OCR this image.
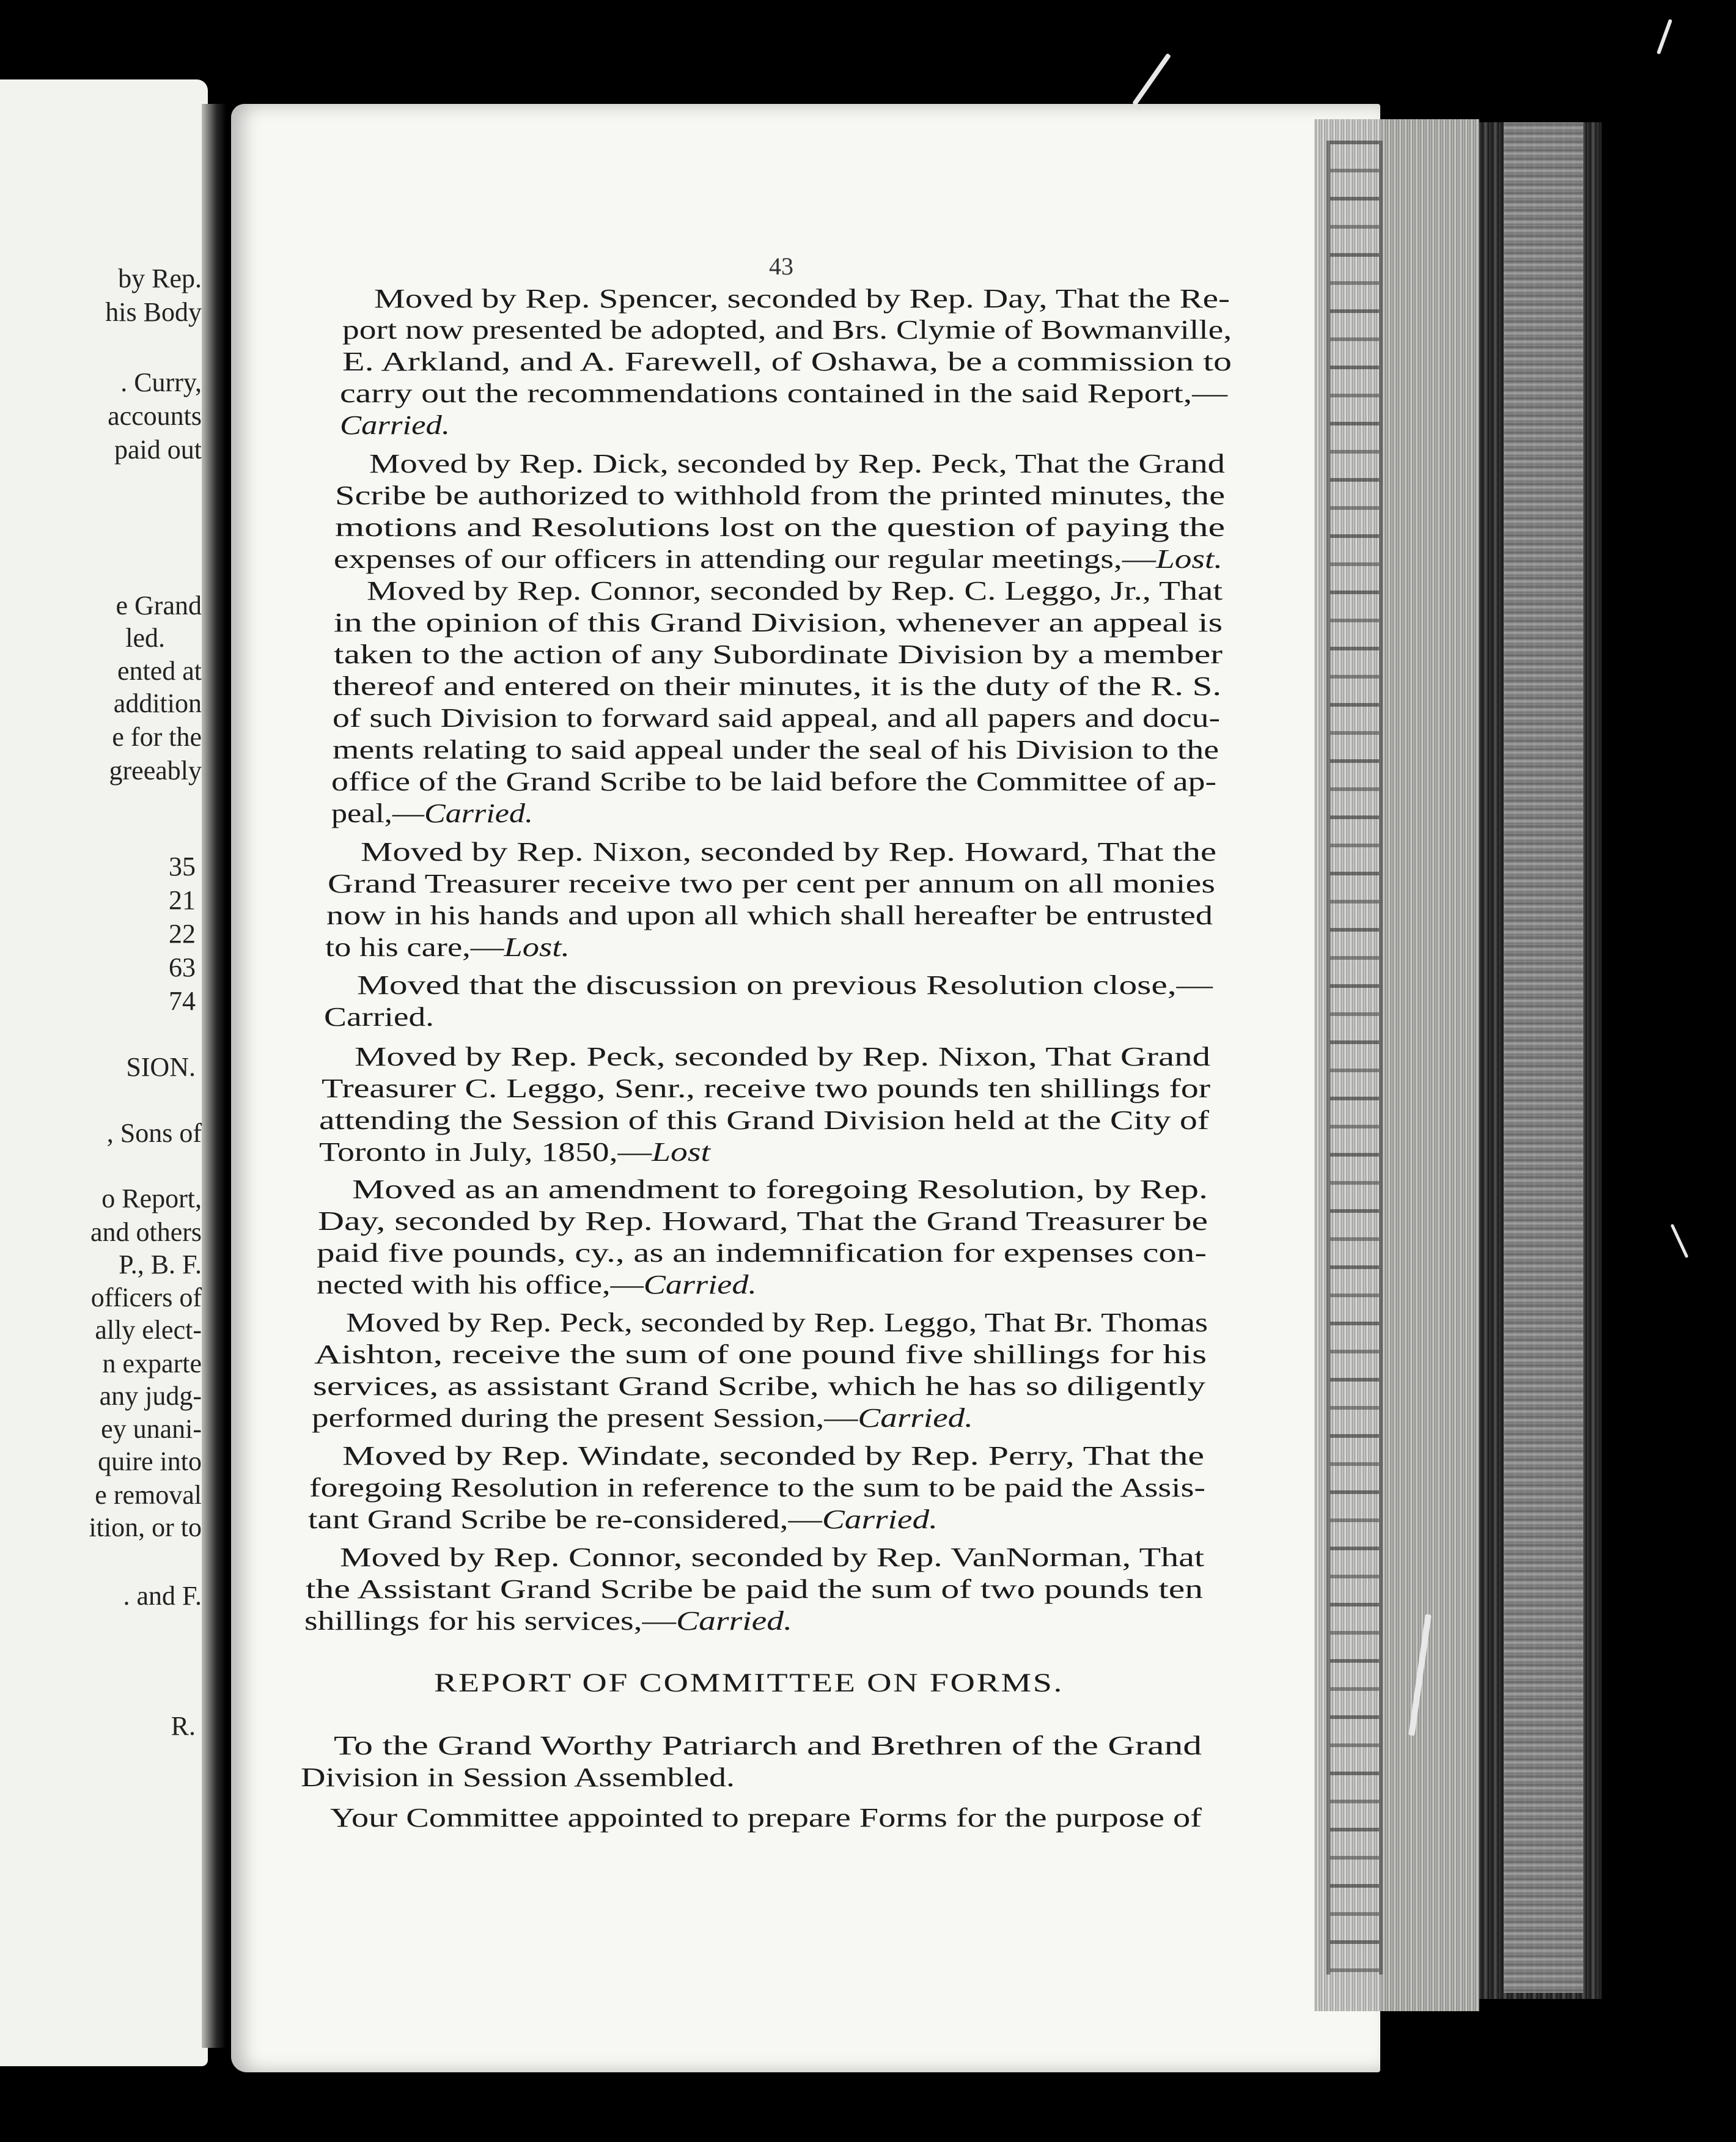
by Rep.
his Body
. Curry,
accounts
paid out
e Grand
led.
ented at
addition
e for the
greeably
35
21
22
63
74
SION.
, Sons of
o Report,
and others
P., B. F.
officers of
ally elect-
n exparte
any judg-
ey unani-
quire into
e removal
ition, or to
. and F.
R.
43
Moved by Rep. Spencer, seconded by Rep. Day, That the Re-
port now presented be adopted, and Brs. Clymie of Bowmanville,
E. Arkland, and A. Farewell, of Oshawa, be a commission to
carry out the recommendations contained in the said Report,—
Carried.
Moved by Rep. Dick, seconded by Rep. Peck, That the Grand
Scribe be authorized to withhold from the printed minutes, the
motions and Resolutions lost on the question of paying the
expenses of our officers in attending our regular meetings,—Lost.
Moved by Rep. Connor, seconded by Rep. C. Leggo, Jr., That
in the opinion of this Grand Division, whenever an appeal is
taken to the action of any Subordinate Division by a member
thereof and entered on their minutes, it is the duty of the R. S.
of such Division to forward said appeal, and all papers and docu-
ments relating to said appeal under the seal of his Division to the
office of the Grand Scribe to be laid before the Committee of ap-
peal,—Carried.
Moved by Rep. Nixon, seconded by Rep. Howard, That the
Grand Treasurer receive two per cent per annum on all monies
now in his hands and upon all which shall hereafter be entrusted
to his care,—Lost.
Moved that the discussion on previous Resolution close,—
Carried.
Moved by Rep. Peck, seconded by Rep. Nixon, That Grand
Treasurer C. Leggo, Senr., receive two pounds ten shillings for
attending the Session of this Grand Division held at the City of
Toronto in July, 1850,—Lost
Moved as an amendment to foregoing Resolution, by Rep.
Day, seconded by Rep. Howard, That the Grand Treasurer be
paid five pounds, cy., as an indemnification for expenses con-
nected with his office,—Carried.
Moved by Rep. Peck, seconded by Rep. Leggo, That Br. Thomas
Aishton, receive the sum of one pound five shillings for his
services, as assistant Grand Scribe, which he has so diligently
performed during the present Session,—Carried.
Moved by Rep. Windate, seconded by Rep. Perry, That the
foregoing Resolution in reference to the sum to be paid the Assis-
tant Grand Scribe be re-considered,—Carried.
Moved by Rep. Connor, seconded by Rep. VanNorman, That
the Assistant Grand Scribe be paid the sum of two pounds ten
shillings for his services,—Carried.
REPORT OF COMMITTEE ON FORMS.
To the Grand Worthy Patriarch and Brethren of the Grand
Division in Session Assembled.
Your Committee appointed to prepare Forms for the purpose of
